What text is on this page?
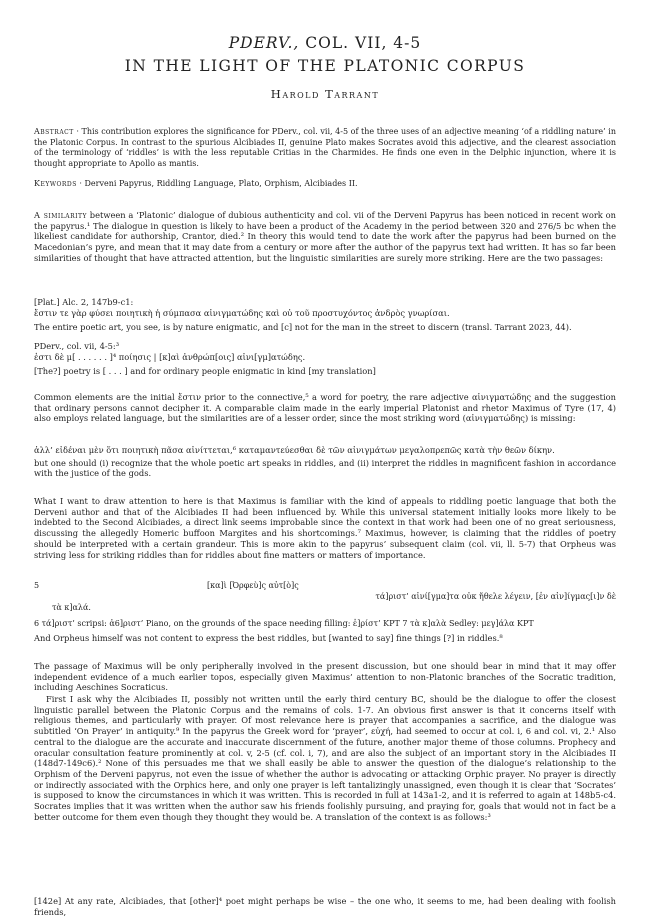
PDERV., COL. VII, 4-5
IN THE LIGHT OF THE PLATONIC CORPUS
Harold Tarrant
Abstract · This contribution explores the significance for PDerv., col. vii, 4-5 of the three uses of an adjective meaning ‘of a riddling nature’ in the Platonic Corpus. In contrast to the spurious Alcibiades II, genuine Plato makes Socrates avoid this adjective, and the clearest association of the terminology of ‘riddles’ is with the less reputable Critias in the Charmides. He finds one even in the Delphic injunction, where it is thought appropriate to Apollo as mantis.
Keywords · Derveni Papyrus, Riddling Language, Plato, Orphism, Alcibiades II.
A similarity between a ‘Platonic’ dialogue of dubious authenticity and col. vii of the Derveni Papyrus has been noticed in recent work on the papyrus.¹ The dialogue in question is likely to have been a product of the Academy in the period between 320 and 276/5 bc when the likeliest candidate for authorship, Crantor, died.² In theory this would tend to date the work after the papyrus had been burned on the Macedonian’s pyre, and mean that it may date from a century or more after the author of the papyrus text had written. It has so far been similarities of thought that have attracted attention, but the linguistic similarities are surely more striking. Here are the two passages:
[Plat.] Alc. 2, 147b9-c1:
ἔστιν τε γὰρ φύσει ποιητικὴ ἡ σύμπασα αἰνιγματώδης καὶ οὐ τοῦ προστυχόντος ἀνδρὸς γνωρίσαι.
The entire poetic art, you see, is by nature enigmatic, and [c] not for the man in the street to discern (transl. Tarrant 2023, 44).
PDerv., col. vii, 4-5:³
ἐστι δὲ μ[ . . . . . . ]⁴ ποίησις | [κ]αὶ ἀνθρώπ[οις] αἰνι[γμ]ατώδης.
[The?] poetry is [ . . . ] and for ordinary people enigmatic in kind [my translation]
Common elements are the initial ἔστιν prior to the connective,⁵ a word for poetry, the rare adjective αἰνιγματώδης and the suggestion that ordinary persons cannot decipher it. A comparable claim made in the early imperial Platonist and rhetor Maximus of Tyre (17, 4) also employs related language, but the similarities are of a lesser order, since the most striking word (αἰνιγματώδης) is missing:
ἀλλ’ εἰδέναι μὲν ὅτι ποιητικὴ πᾶσα αἰνίττεται,⁶ καταμαντεύεσθαι δὲ τῶν αἰνιγμάτων μεγαλοπρεπῶς κατὰ τὴν θεῶν δίκην.
but one should (i) recognize that the whole poetic art speaks in riddles, and (ii) interpret the riddles in magnificent fashion in accordance with the justice of the gods.
What I want to draw attention to here is that Maximus is familiar with the kind of appeals to riddling poetic language that both the Derveni author and that of the Alcibiades II had been influenced by. While this universal statement initially looks more likely to be indebted to the Second Alcibiades, a direct link seems improbable since the context in that work had been one of no great seriousness, discussing the allegedly Homeric buffoon Margites and his shortcomings.⁷ Maximus, however, is claiming that the riddles of poetry should be interpreted with a certain grandeur. This is more akin to the papyrus’ subsequent claim (col. vii, ll. 5-7) that Orpheus was striving less for striking riddles than for riddles about fine matters or matters of importance.
5	[κα]ὶ [Ὀρφεὺ]ς αὐτ[ὸ]ς
τά]ριστ’ αἰνί[γμα]τα οὐκ ἤθελε λέγειν, [ἐν αἰν]ίγμας[ι]ν δὲ
τὰ κ]αλά.
6 τά]ριστ’ scripsi: ἀ6]ριστ’ Piano, on the grounds of the space needing filling: ἐ]ρίστ’ KPT 7 τὰ κ]αλὰ Sedley: μεγ]άλα KPT
And Orpheus himself was not content to express the best riddles, but [wanted to say] fine things [?] in riddles.⁸
The passage of Maximus will be only peripherally involved in the present discussion, but one should bear in mind that it may offer independent evidence of a much earlier topos, especially given Maximus’ attention to non-Platonic branches of the Socratic tradition, including Aeschines Socraticus.
First I ask why the Alcibiades II, possibly not written until the early third century BC, should be the dialogue to offer the closest linguistic parallel between the Platonic Corpus and the remains of cols. 1-7. An obvious first answer is that it concerns itself with religious themes, and particularly with prayer. Of most relevance here is prayer that accompanies a sacrifice, and the dialogue was subtitled ‘On Prayer’ in antiquity.⁹ In the papyrus the Greek word for ‘prayer’, εὐχή, had seemed to occur at col. i, 6 and col. vi, 2.¹ Also central to the dialogue are the accurate and inaccurate discernment of the future, another major theme of those columns. Prophecy and oracular consultation feature prominently at col. v, 2-5 (cf. col. i, 7), and are also the subject of an important story in the Alcibiades II (148d7-149c6).² None of this persuades me that we shall easily be able to answer the question of the dialogue’s relationship to the Orphism of the Derveni papyrus, not even the issue of whether the author is advocating or attacking Orphic prayer. No prayer is directly or indirectly associated with the Orphics here, and only one prayer is left tantalizingly unassigned, even though it is clear that ‘Socrates’ is supposed to know the circumstances in which it was written. This is recorded in full at 143a1-2, and it is referred to again at 148b5-c4. Socrates implies that it was written when the author saw his friends foolishly pursuing, and praying for, goals that would not in fact be a better outcome for them even though they thought they would be. A translation of the context is as follows:³
[142e] At any rate, Alcibiades, that [other]⁴ poet might perhaps be wise – the one who, it seems to me, had been dealing with foolish friends,
